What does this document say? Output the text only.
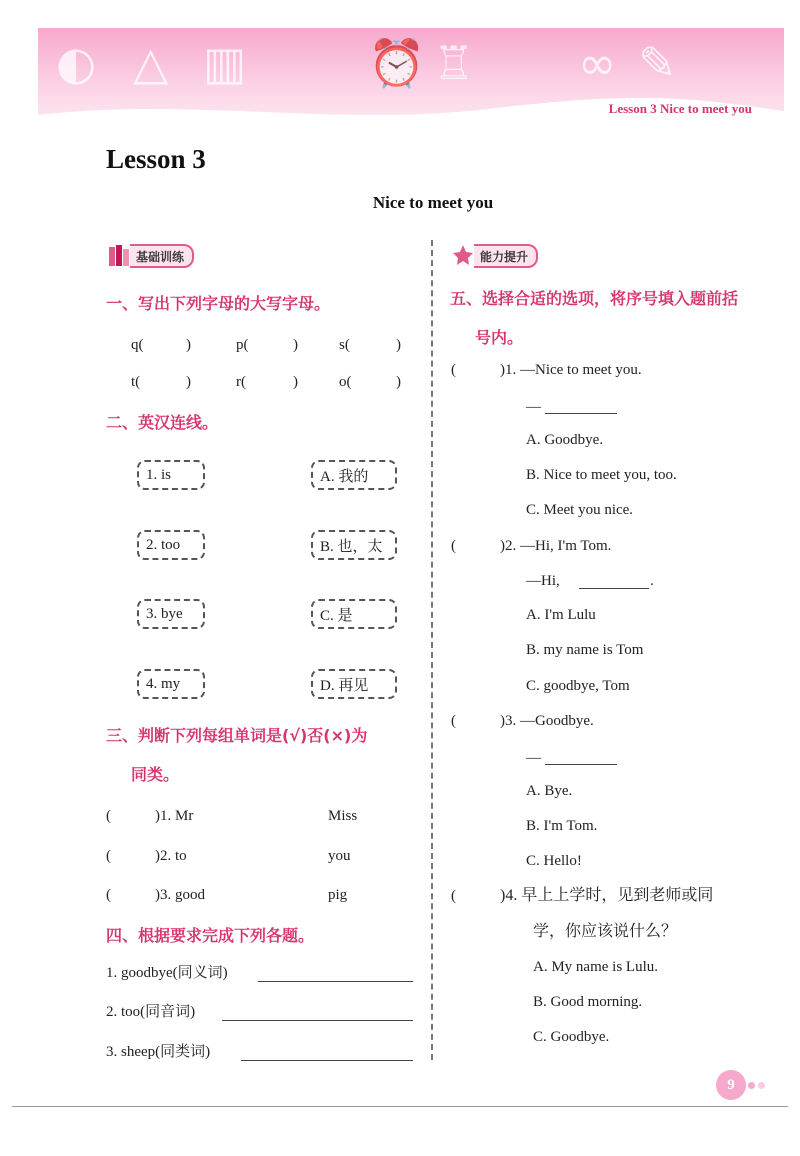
◐ △ ▥	⏰ ♖ ∞ ✎
Lesson 3 Nice to meet you
Lesson 3
Nice to meet you
基础训练
一、写出下列字母的大写字母。
q(	)	p(	)	s(	)
t(	)	r(	)	o(	)
二、英汉连线。
1. is
2. too
3. bye
4. my
A. 我的
B. 也，太
C. 是
D. 再见
三、判断下列每组单词是(√)否(×)为
同类。
(	)1. Mr	Miss
(	)2. to	you
(	)3. good	pig
四、根据要求完成下列各题。
1. goodbye(同义词)
2. too(同音词)
3. sheep(同类词)
能力提升
五、选择合适的选项，将序号填入题前括
号内。
(	)1. —Nice to meet you.
—
A. Goodbye.
B. Nice to meet you, too.
C. Meet you nice.
(	)2. —Hi, I'm Tom.
—Hi,	.
A. I'm Lulu
B. my name is Tom
C. goodbye, Tom
(	)3. —Goodbye.
—
A. Bye.
B. I'm Tom.
C. Hello!
(	)4. 早上上学时，见到老师或同
学，你应该说什么？
A. My name is Lulu.
B. Good morning.
C. Goodbye.
9
